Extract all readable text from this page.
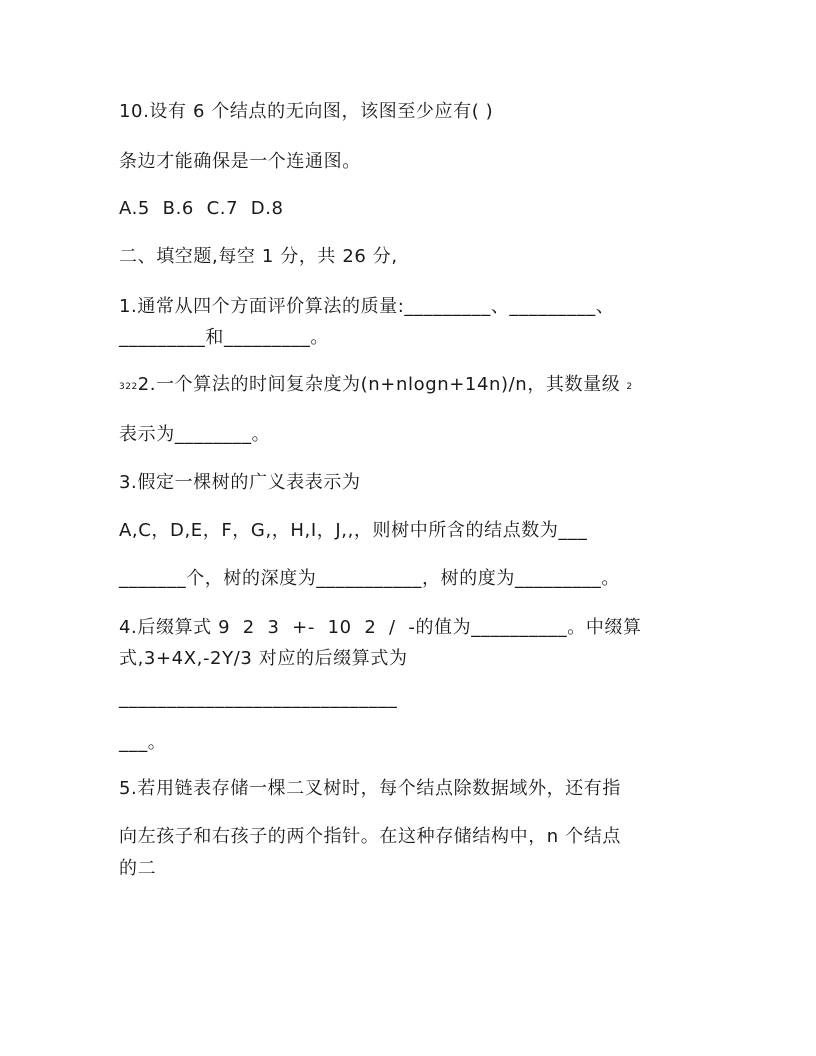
10.设有 6 个结点的无向图，该图至少应有( )
条边才能确保是一个连通图。
A.5  B.6  C.7  D.8
二、填空题,每空 1 分，共 26 分,
1.通常从四个方面评价算法的质量:_________、_________、
_________和_________。
3222.一个算法的时间复杂度为(n+nlogn+14n)/n，其数量级 2
表示为________。
3.假定一棵树的广义表表示为
A,C，D,E，F，G,，H,I，J,,，则树中所含的结点数为___
_______个，树的深度为___________，树的度为_________。
4.后缀算式 9  2  3  +-  10  2  /  -的值为__________。中缀算
式,3+4X,-2Y/3 对应的后缀算式为
_____________________________
___。
5.若用链表存储一棵二叉树时，每个结点除数据域外，还有指
向左孩子和右孩子的两个指针。在这种存储结构中，n 个结点
的二
